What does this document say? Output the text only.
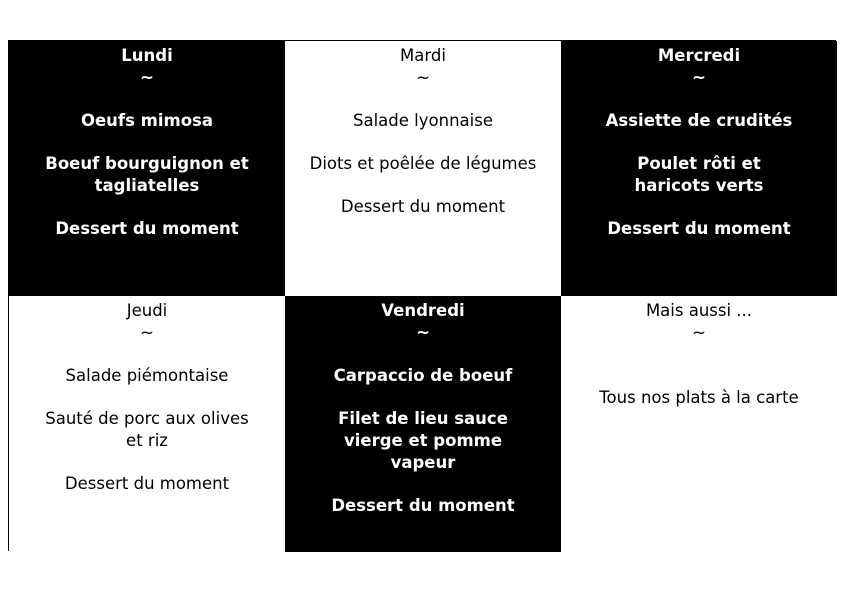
Lundi
~
Oeufs mimosa
Boeuf bourguignon et tagliatelles
Dessert du moment
Mardi
~
Salade lyonnaise
Diots et poêlée de légumes
Dessert du moment
Mercredi
~
Assiette de crudités
Poulet rôti et haricots verts
Dessert du moment
Jeudi
~
Salade piémontaise
Sauté de porc aux olives et riz
Dessert du moment
Vendredi
~
Carpaccio de boeuf
Filet de lieu sauce vierge et pomme vapeur
Dessert du moment
Mais aussi ...
~
Tous nos plats à la carte
